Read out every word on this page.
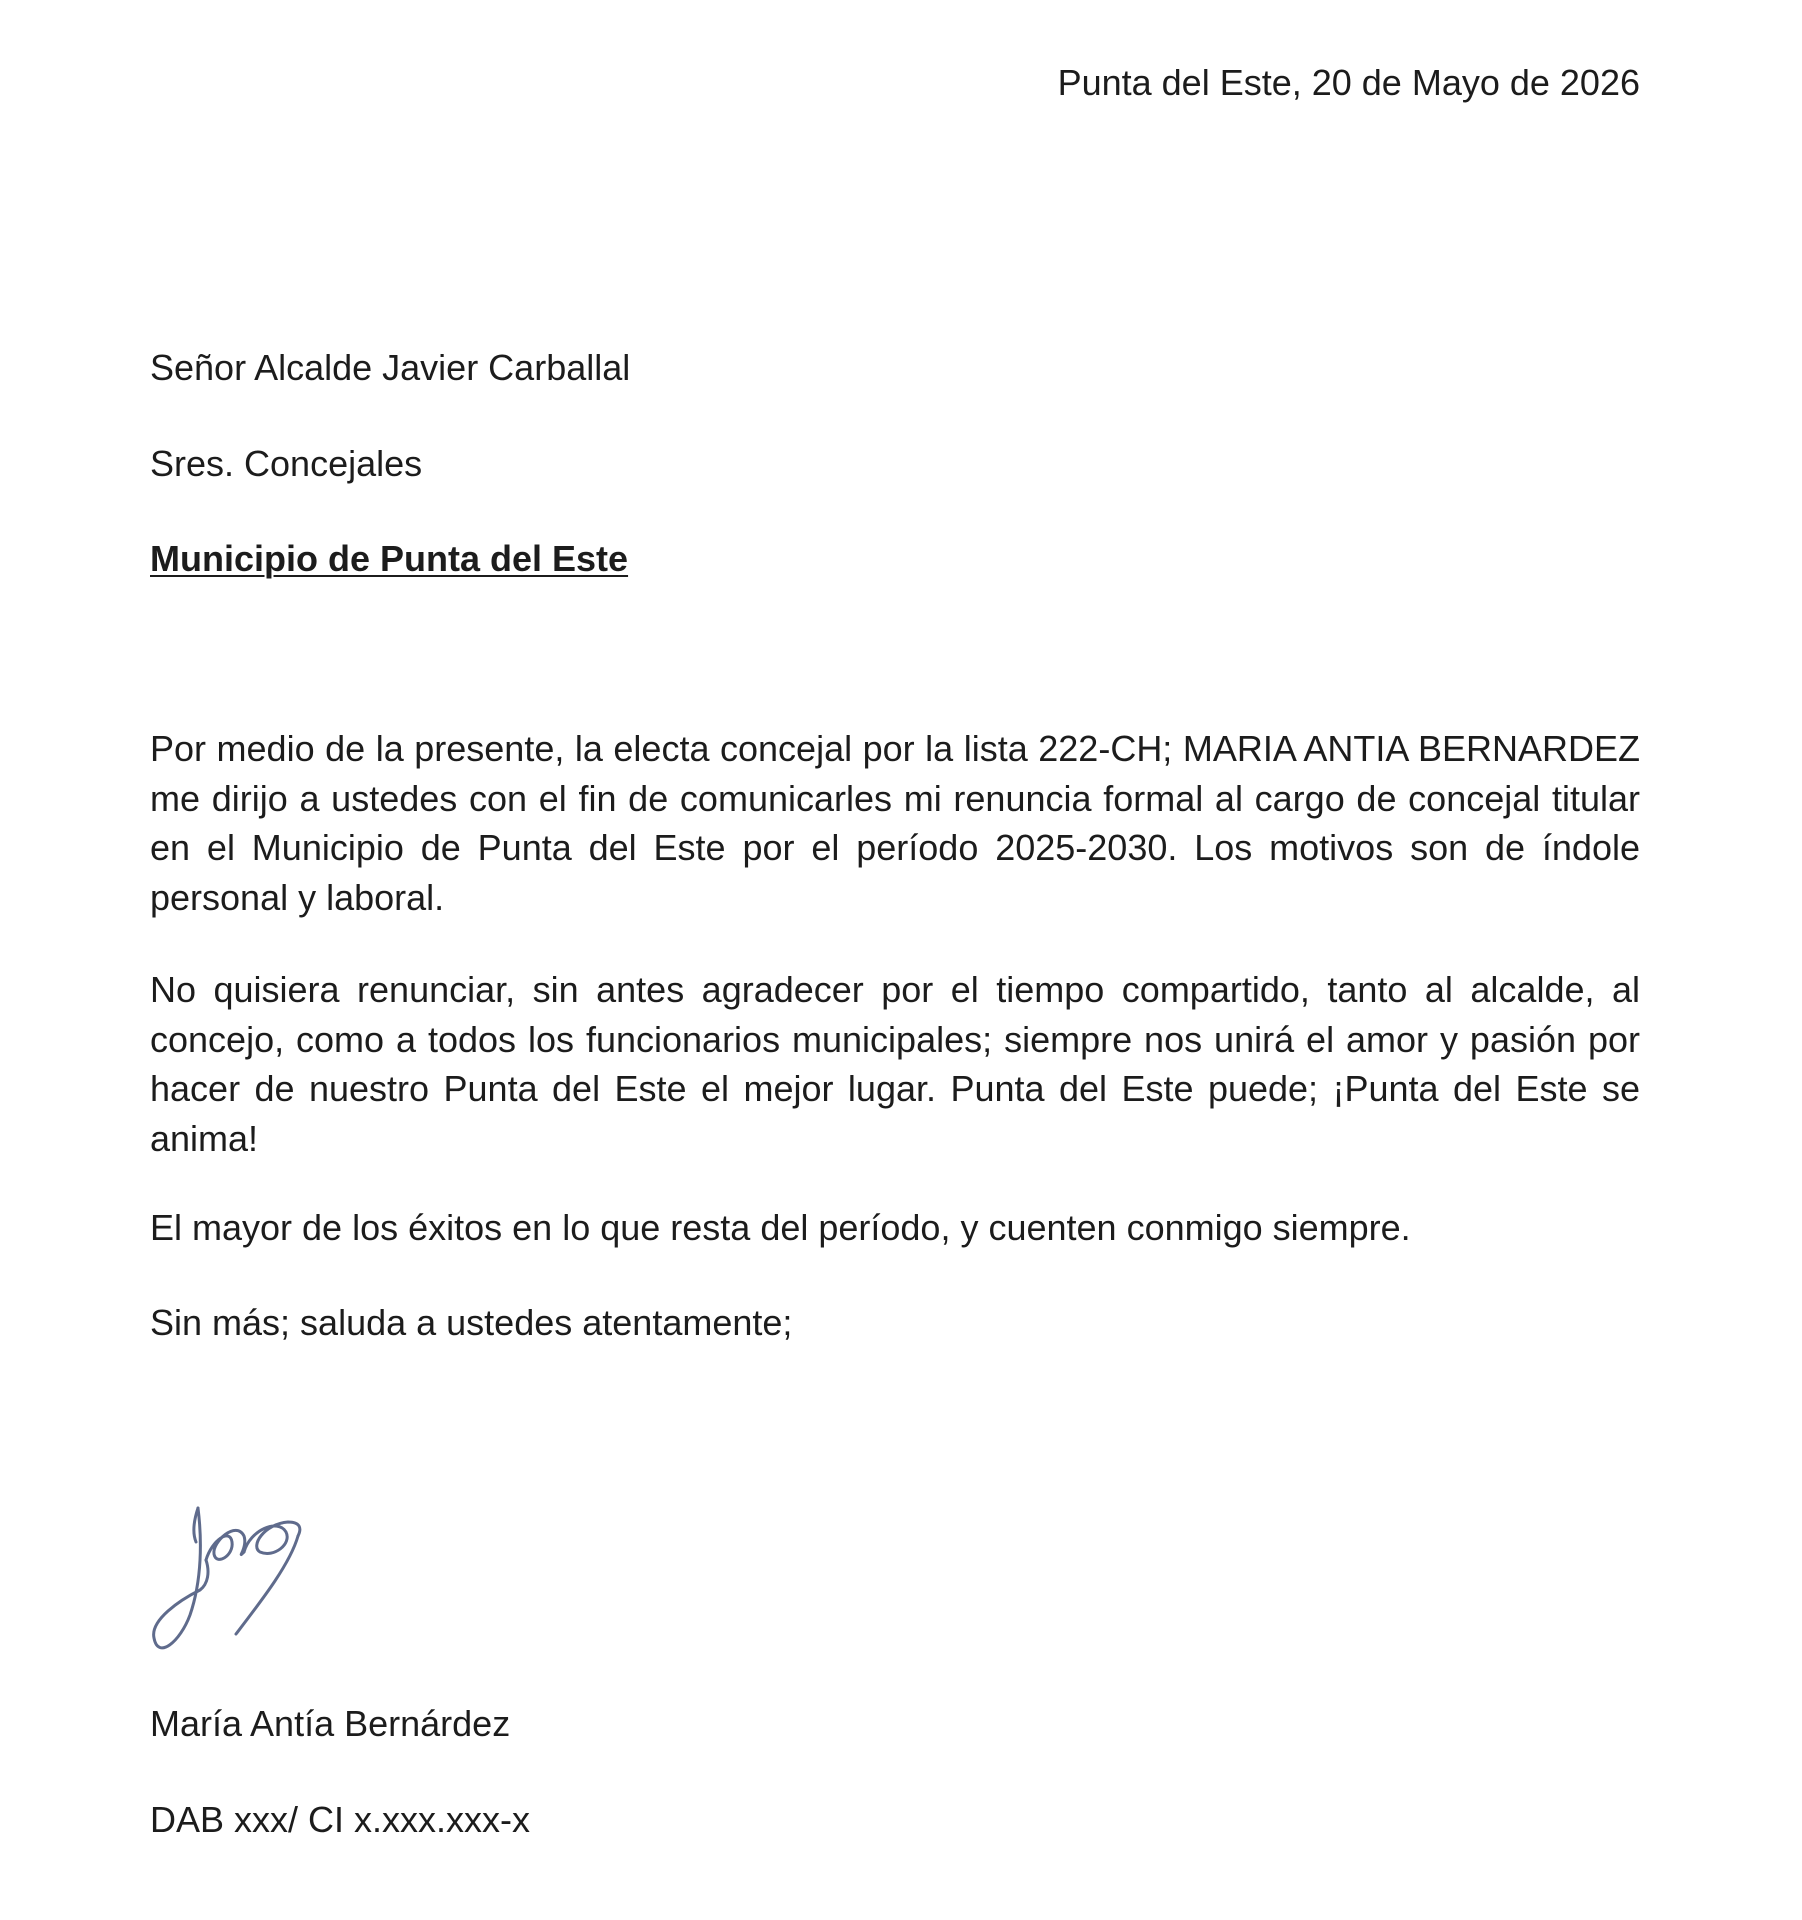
Punta del Este, 20 de Mayo de 2026
Señor Alcalde Javier Carballal
Sres. Concejales
Municipio de Punta del Este
Por medio de la presente, la electa concejal por la lista 222-CH; MARIA ANTIA BERNARDEZ me dirijo a ustedes con el fin de comunicarles mi renuncia formal al cargo de concejal titular en el Municipio de Punta del Este por el período 2025-2030. Los motivos son de índole personal y laboral.
No quisiera renunciar, sin antes agradecer por el tiempo compartido, tanto al alcalde, al concejo, como a todos los funcionarios municipales; siempre nos unirá el amor y pasión por hacer de nuestro Punta del Este el mejor lugar. Punta del Este puede; ¡Punta del Este se anima!
El mayor de los éxitos en lo que resta del período, y cuenten conmigo siempre.
Sin más; saluda a ustedes atentamente;
María Antía Bernárdez
DAB xxx/ CI x.xxx.xxx-x
